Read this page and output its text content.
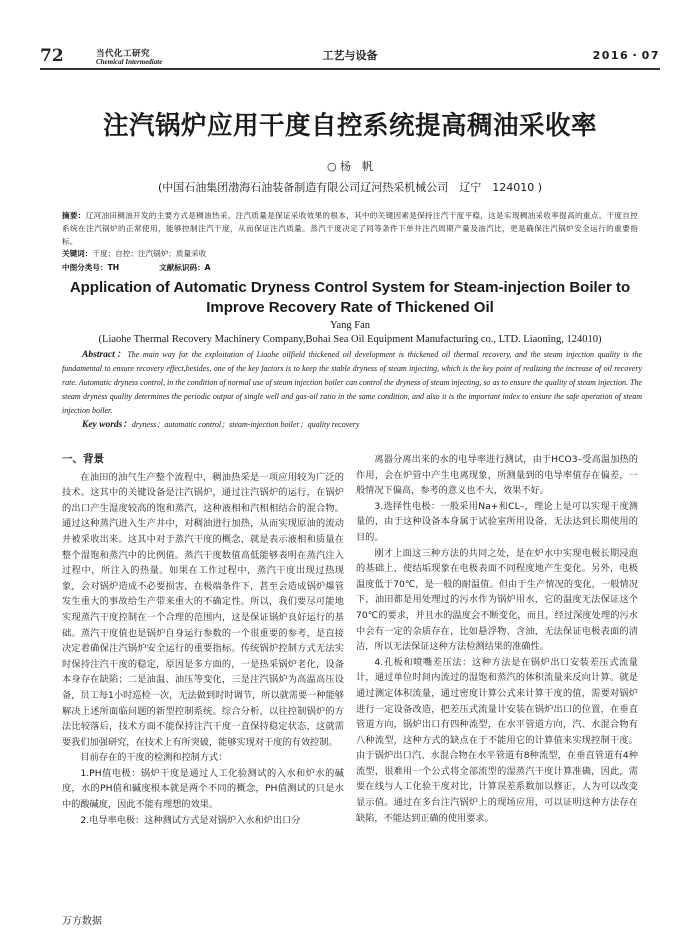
72	当代化工研究
Chemical Intermediate	工艺与设备	2016・07
注汽锅炉应用干度自控系统提高稠油采收率
○ 杨　帆
(中国石油集团渤海石油装备制造有限公司辽河热采机械公司　辽宁　124010 )
摘要：辽河油田稠油开发的主要方式是稠油热采，注汽质量是保证采收效果的根本，其中的关键因素是保持注汽干度平稳，这是实现稠油采收率提高的重点。干度自控系统在注汽锅炉的正常使用，能够控制注汽干度，从而保证注汽质量。蒸汽干度决定了同等条件下单井注汽周期产量及油汽比，更是确保注汽锅炉安全运行的重要指标。
关键词：干度；自控；注汽锅炉；质量采收
中图分类号：TH	文献标识码：A
Application of Automatic Dryness Control System for Steam-injection Boiler to Improve Recovery Rate of Thickened Oil
Yang Fan
(Liaohe Thermal Recovery Machinery Company,Bohai Sea Oil Equipment Manufacturing co., LTD. Liaoning, 124010)
Abstract：The main way for the exploitation of Liaohe oilfield thickened oil development is thickened oil thermal recovery, and the steam injection quality is the fundamental to ensure recovery effect,besides, one of the key factors is to keep the stable dryness of steam injecting, which is the key point of realizing the increase of oil recovery rate. Automatic dryness control, in the condition of normal use of steam injection boiler can control the dryness of steam injecting, so as to ensure the quality of steam injection. The steam dryness quality determines the periodic output of single well and gas-oil ratio in the same condition, and also it is the important index to ensure the safe operation of steam injection boiler.
Key words：dryness；automatic control；steam-injection boiler；quality recovery

一、背景

在油田的油气生产整个流程中，稠油热采是一项应用较为广泛的技术。这其中的关键设备是注汽锅炉，通过注汽锅炉的运行，在锅炉的出口产生湿度较高的饱和蒸汽，这种液相和汽相相结合的混合物。通过这种蒸汽进入生产井中，对稠油进行加热，从而实现原油的流动并被采收出来。这其中对于蒸汽干度的概念，就是表示液相和质量在整个湿饱和蒸汽中的比例值。蒸汽干度数值高低能够表明在蒸汽注入过程中，所注入的热量。如果在工作过程中，蒸汽干度出现过热现象，会对锅炉造成不必要损害，在极端条件下，甚至会造成锅炉爆管发生重大的事故给生产带来重大的不确定性。所以，我们要尽可能地实现蒸汽干度控制在一个合理的范围内，这是保证锅炉良好运行的基础。蒸汽干度值也是锅炉自身运行参数的一个很重要的参考，是直接决定着确保注汽锅炉安全运行的重要指标。传统锅炉控制方式无法实时保持注汽干度的稳定，原因是多方面的，一是热采锅炉老化，设备本身存在缺陷；二是油温、油压等变化，三是注汽锅炉为高温高压设备，员工每1小时巡检一次，无法做到时时调节，所以就需要一种能够解决上述所面临问题的新型控制系统。综合分析，以往控制锅炉的方法比较落后，技术方面不能保持注汽干度一直保持稳定状态，这就需要我们加强研究，在技术上有所突破，能够实现对干度的有效控制。

目前存在的干度的检测和控制方式：

1.PH值电极：锅炉干度是通过人工化验测试的入水和炉水的碱度，水的PH值和碱度根本就是两个不同的概念，PH值测试的只是水中的酸碱度，因此不能有理想的效果。

2.电导率电极：这种测试方式是对锅炉入水和炉出口分

离器分离出来的水的电导率进行测试，由于HCO3–受高温加热的作用，会在炉管中产生电离现象，所测量到的电导率值存在偏差，一般情况下偏高，参考的意义也不大，效果不好。

3.选择性电极：一般采用Na+和CL–，理论上是可以实现干度测量的，由于这种设备本身属于试验室所用设备，无法达到长期使用的目的。

刚才上面这三种方法的共同之处，是在炉水中实现电极长期浸泡的基础上，使结垢现象在电极表面不同程度地产生变化。另外，电极温度低于70℃，是一般的耐温值。但由于生产情况的变化，一般情况下，油田都是用处理过的污水作为锅炉用水，它的温度无法保证这个70℃的要求，并且水的温度会不断变化，而且，经过深度处理的污水中会有一定的杂质存在，比如悬浮物、含油，无法保证电极表面的清洁，所以无法保证这种方法检测结果的准确性。

4.孔板和喷嘴差压法：这种方法是在锅炉出口安装差压式流量计，通过单位时间内流过的湿饱和蒸汽的体积流量来反向计算。就是通过测定体积流量，通过密度计算公式来计算干度的值，需要对锅炉进行一定设备改造，把差压式流量计安装在锅炉出口的位置，在垂直管道方向，锅炉出口有四种流型，在水平管道方向，汽、水混合物有八种流型，这种方式的缺点在于不能用它的计算值来实现控制干度。由于锅炉出口汽、水混合物在水平管道有8种流型，在垂直管道有4种流型，很难用一个公式将全部流型的湿蒸汽干度计算准确，因此，需要在线与人工化验干度对比，计算误差系数加以修正，人为可以改变显示值。通过在多台注汽锅炉上的现场应用，可以证明这种方法存在缺陷，不能达到正确的使用要求。

万方数据
